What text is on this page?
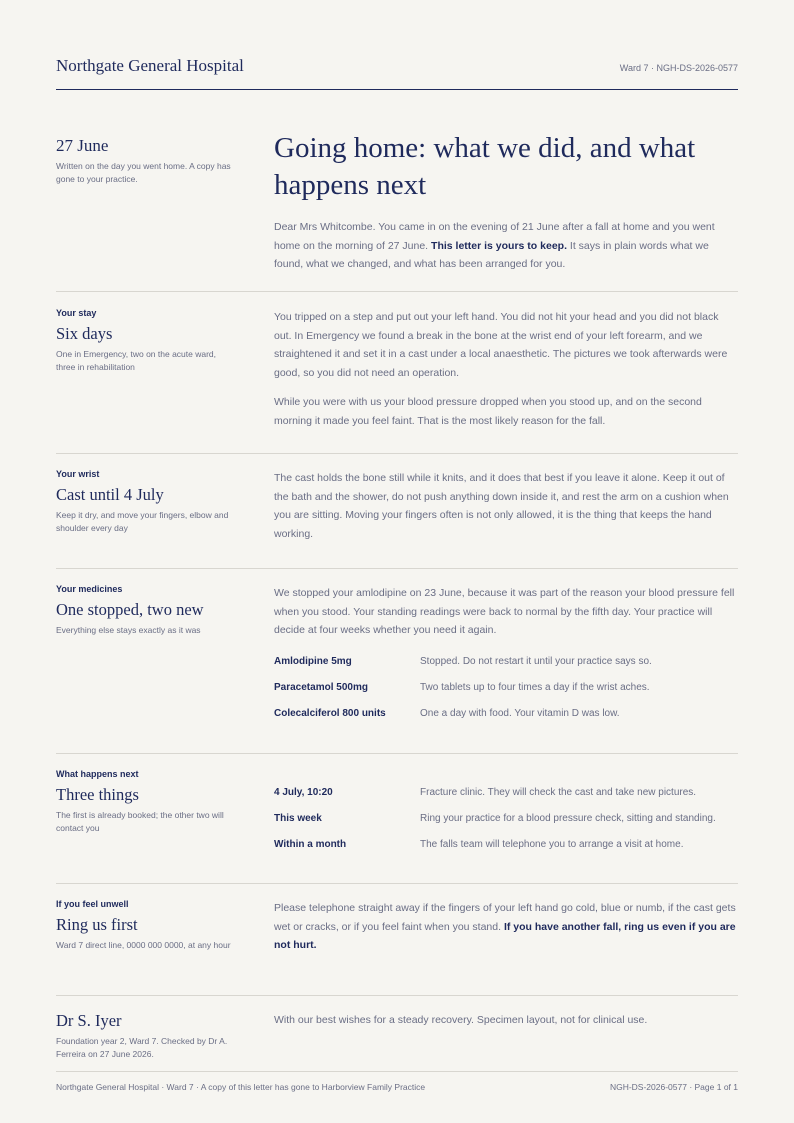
Northgate General Hospital	Ward 7 · NGH-DS-2026-0577
27 June

Written on the day you went home. A copy has gone to your practice.

Going home: what we did, and what happens next

Dear Mrs Whitcombe. You came in on the evening of 21 June after a fall at home and you went home on the morning of 27 June. This letter is yours to keep. It says in plain words what we found, what we changed, and what has been arranged for you.

Your stay
Six days

One in Emergency, two on the acute ward, three in rehabilitation

You tripped on a step and put out your left hand. You did not hit your head and you did not black out. In Emergency we found a break in the bone at the wrist end of your left forearm, and we straightened it and set it in a cast under a local anaesthetic. The pictures we took afterwards were good, so you did not need an operation.

While you were with us your blood pressure dropped when you stood up, and on the second morning it made you feel faint. That is the most likely reason for the fall.

Your wrist
Cast until 4 July

Keep it dry, and move your fingers, elbow and shoulder every day

The cast holds the bone still while it knits, and it does that best if you leave it alone. Keep it out of the bath and the shower, do not push anything down inside it, and rest the arm on a cushion when you are sitting. Moving your fingers often is not only allowed, it is the thing that keeps the hand working.

Your medicines
One stopped, two new

Everything else stays exactly as it was

We stopped your amlodipine on 23 June, because it was part of the reason your blood pressure fell when you stood. Your standing readings were back to normal by the fifth day. Your practice will decide at four weeks whether you need it again.

Amlodipine 5mg	Stopped. Do not restart it until your practice says so.
Paracetamol 500mg	Two tablets up to four times a day if the wrist aches.
Colecalciferol 800 units	One a day with food. Your vitamin D was low.
What happens next
Three things

The first is already booked; the other two will contact you

4 July, 10:20	Fracture clinic. They will check the cast and take new pictures.
This week	Ring your practice for a blood pressure check, sitting and standing.
Within a month	The falls team will telephone you to arrange a visit at home.
If you feel unwell
Ring us first

Ward 7 direct line, 0000 000 0000, at any hour

Please telephone straight away if the fingers of your left hand go cold, blue or numb, if the cast gets wet or cracks, or if you feel faint when you stand. If you have another fall, ring us even if you are not hurt.

Dr S. Iyer

Foundation year 2, Ward 7. Checked by Dr A. Ferreira on 27 June 2026.

With our best wishes for a steady recovery. Specimen layout, not for clinical use.

Northgate General Hospital · Ward 7 · A copy of this letter has gone to Harborview Family Practice	NGH-DS-2026-0577 · Page 1 of 1
